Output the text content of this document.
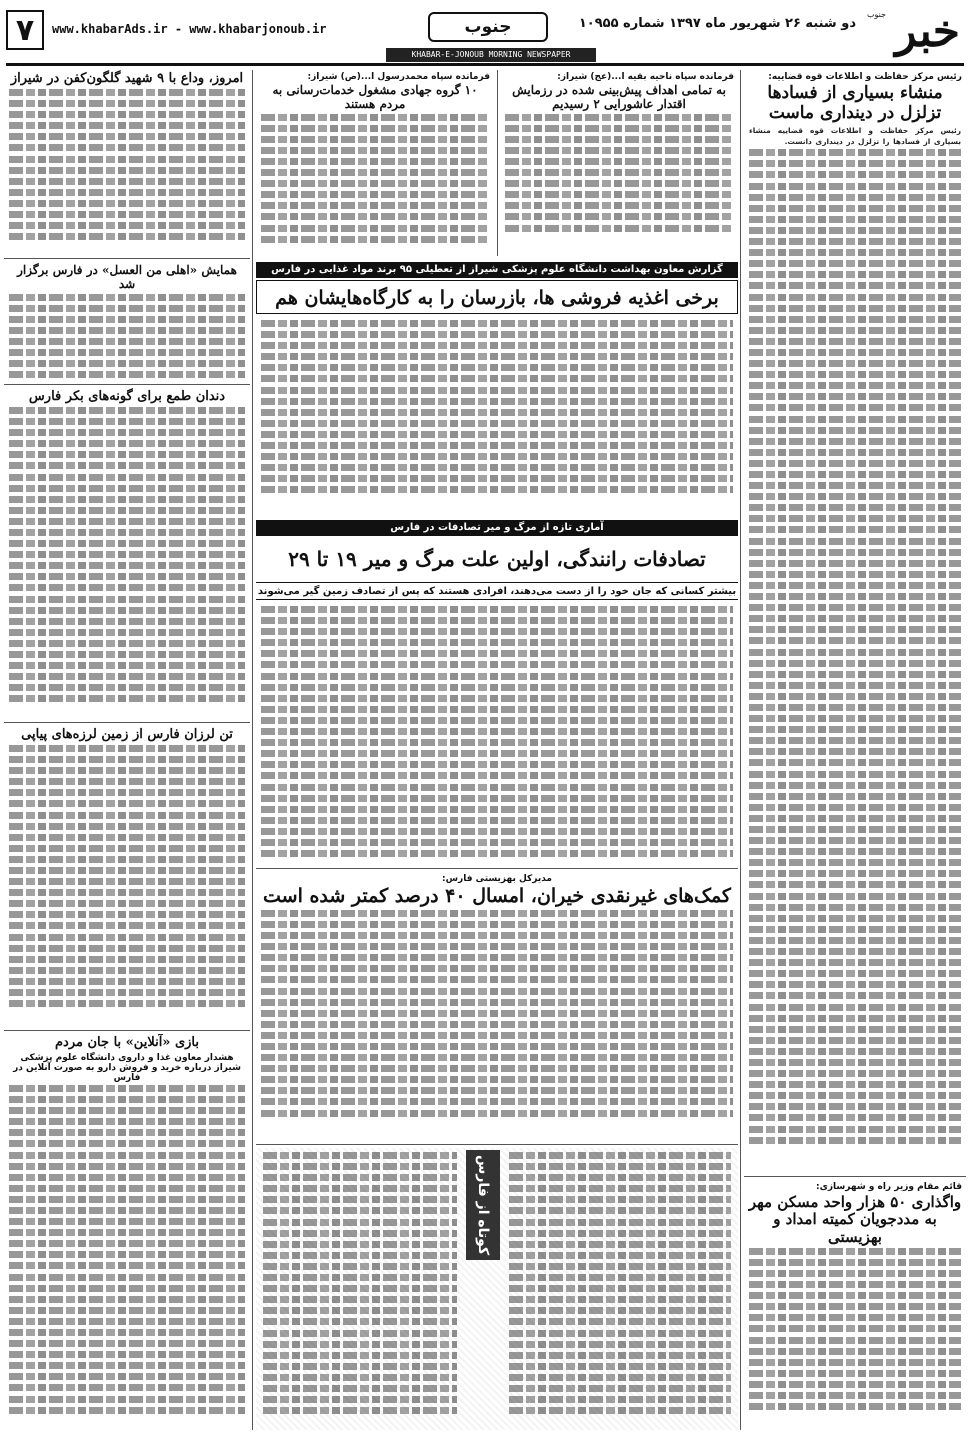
خبر
جنوب
دو شنبه ۲۶ شهریور ماه ۱۳۹۷ شماره ۱۰۹۵۵
جنوب
KHABAR-E-JONOUB MORNING NEWSPAPER
www.khabarAds.ir - www.khabarjonoub.ir
۷
رئیس مرکز حفاظت و اطلاعات قوه قضاییه:
منشاء بسیاری از فسادها تزلزل در دینداری ماست
رئیس مرکز حفاظت و اطلاعات قوه قضاییه منشاء بسیاری از فسادها را تزلزل در دینداری دانست.
قائم مقام وزیر راه و شهرسازی:
واگذاری ۵۰ هزار واحد مسکن مهر به مددجویان کمیته امداد و بهزیستی
فرمانده سپاه ناحیه بقیه ا...(عج) شیراز:
به تمامی اهداف پیش‌بینی شده در رزمایش اقتدار عاشورایی ۲ رسیدیم
فرمانده سپاه محمدرسول ا...(ص) شیراز:
۱۰ گروه جهادی مشغول خدمات‌رسانی به مردم هستند
گزارش معاون بهداشت دانشگاه علوم پزشکی شیراز از تعطیلی ۹۵ برند مواد غذایی در فارس
برخی اغذیه فروشی ها، بازرسان را به کارگاه‌هایشان هم
آماری تازه از مرگ و میر تصادفات در فارس
تصادفات رانندگی، اولین علت مرگ و میر ۱۹ تا ۲۹
بیشتر کسانی که جان خود را از دست می‌دهند، افرادی هستند که پس از تصادف زمین گیر می‌شوند
مدیرکل بهزیستی فارس:
کمک‌های غیرنقدی خیران، امسال ۴۰ درصد کمتر شده است
کوتاه از فارس
امروز، وداع با ۹ شهید گلگون‌کفن در شیراز
همایش «اهلی من العسل» در فارس برگزار شد
دندان طمع برای گونه‌های بکر فارس
تن لرزان فارس از زمین لرزه‌های پیاپی
بازی «آنلاین» با جان مردم
هشدار معاون غذا و داروی دانشگاه علوم پزشکی شیراز درباره خرید و فروش دارو به صورت آنلاین در فارس
